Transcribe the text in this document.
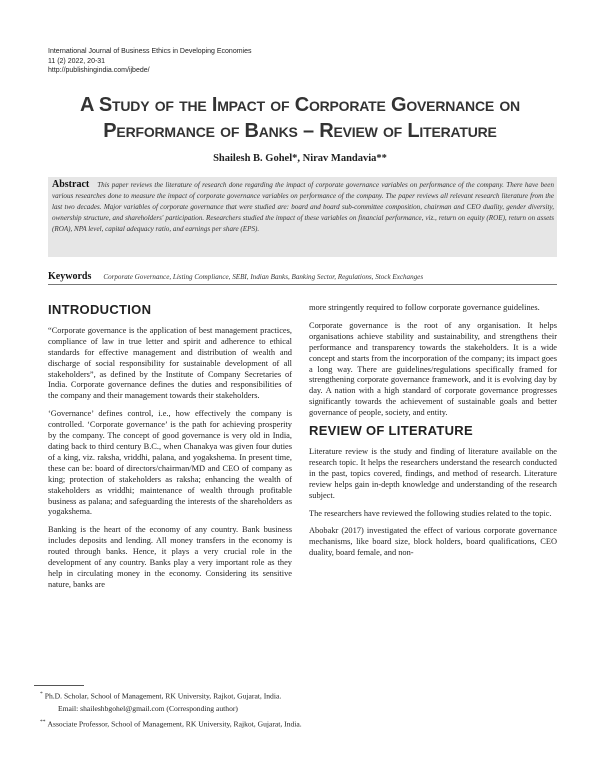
International Journal of Business Ethics in Developing Economies
11 (2) 2022, 20-31
http://publishingindia.com/ijbede/
A Study of the Impact of Corporate Governance on
Performance of Banks – Review of Literature
Shailesh B. Gohel*, Nirav Mandavia**
Abstract This paper reviews the literature of research done regarding the impact of corporate governance variables on performance of the company. There have been various researches done to measure the impact of corporate governance variables on performance of the company. The paper reviews all relevant research literature from the last two decades. Major variables of corporate governance that were studied are: board and board sub-committee composition, chairman and CEO duality, gender diversity, ownership structure, and shareholders' participation. Researchers studied the impact of these variables on financial performance, viz., return on equity (ROE), return on assets (ROA), NPA level, capital adequacy ratio, and earnings per share (EPS).
Keywords Corporate Governance, Listing Compliance, SEBI, Indian Banks, Banking Sector, Regulations, Stock Exchanges
INTRODUCTION

“Corporate governance is the application of best management practices, compliance of law in true letter and spirit and adherence to ethical standards for effective management and distribution of wealth and discharge of social responsibility for sustainable development of all stakeholders”, as defined by the Institute of Company Secretaries of India. Corporate governance defines the duties and responsibilities of the company and their management towards their stakeholders.

‘Governance’ defines control, i.e., how effectively the company is controlled. ‘Corporate governance’ is the path for achieving prosperity by the company. The concept of good governance is very old in India, dating back to third century B.C., when Chanakya was given four duties of a king, viz. raksha, vriddhi, palana, and yogakshema. In present time, these can be: board of directors/chairman/MD and CEO of company as king; protection of stakeholders as raksha; enhancing the wealth of stakeholders as vriddhi; maintenance of wealth through profitable business as palana; and safeguarding the interests of the shareholders as yogakshema.

Banking is the heart of the economy of any country. Bank business includes deposits and lending. All money transfers in the economy is routed through banks. Hence, it plays a very crucial role in the development of any country. Banks play a very important role as they help in circulating money in the economy. Considering its sensitive nature, banks are

more stringently required to follow corporate governance guidelines.

Corporate governance is the root of any organisation. It helps organisations achieve stability and sustainability, and strengthens their performance and transparency towards the stakeholders. It is a wide concept and starts from the incorporation of the company; its impact goes a long way. There are guidelines/regulations specifically framed for strengthening corporate governance framework, and it is evolving day by day. A nation with a high standard of corporate governance progresses significantly towards the achievement of sustainable goals and better governance of people, society, and entity.

REVIEW OF LITERATURE

Literature review is the study and finding of literature available on the research topic. It helps the researchers understand the research conducted in the past, topics covered, findings, and method of research. Literature review helps gain in-depth knowledge and understanding of the research subject.

The researchers have reviewed the following studies related to the topic.

Abobakr (2017) investigated the effect of various corporate governance mechanisms, like board size, block holders, board qualifications, CEO duality, board female, and non-

* Ph.D. Scholar, School of Management, RK University, Rajkot, Gujarat, India.
Email: shaileshbgohel@gmail.com (Corresponding author)
** Associate Professor, School of Management, RK University, Rajkot, Gujarat, India.
